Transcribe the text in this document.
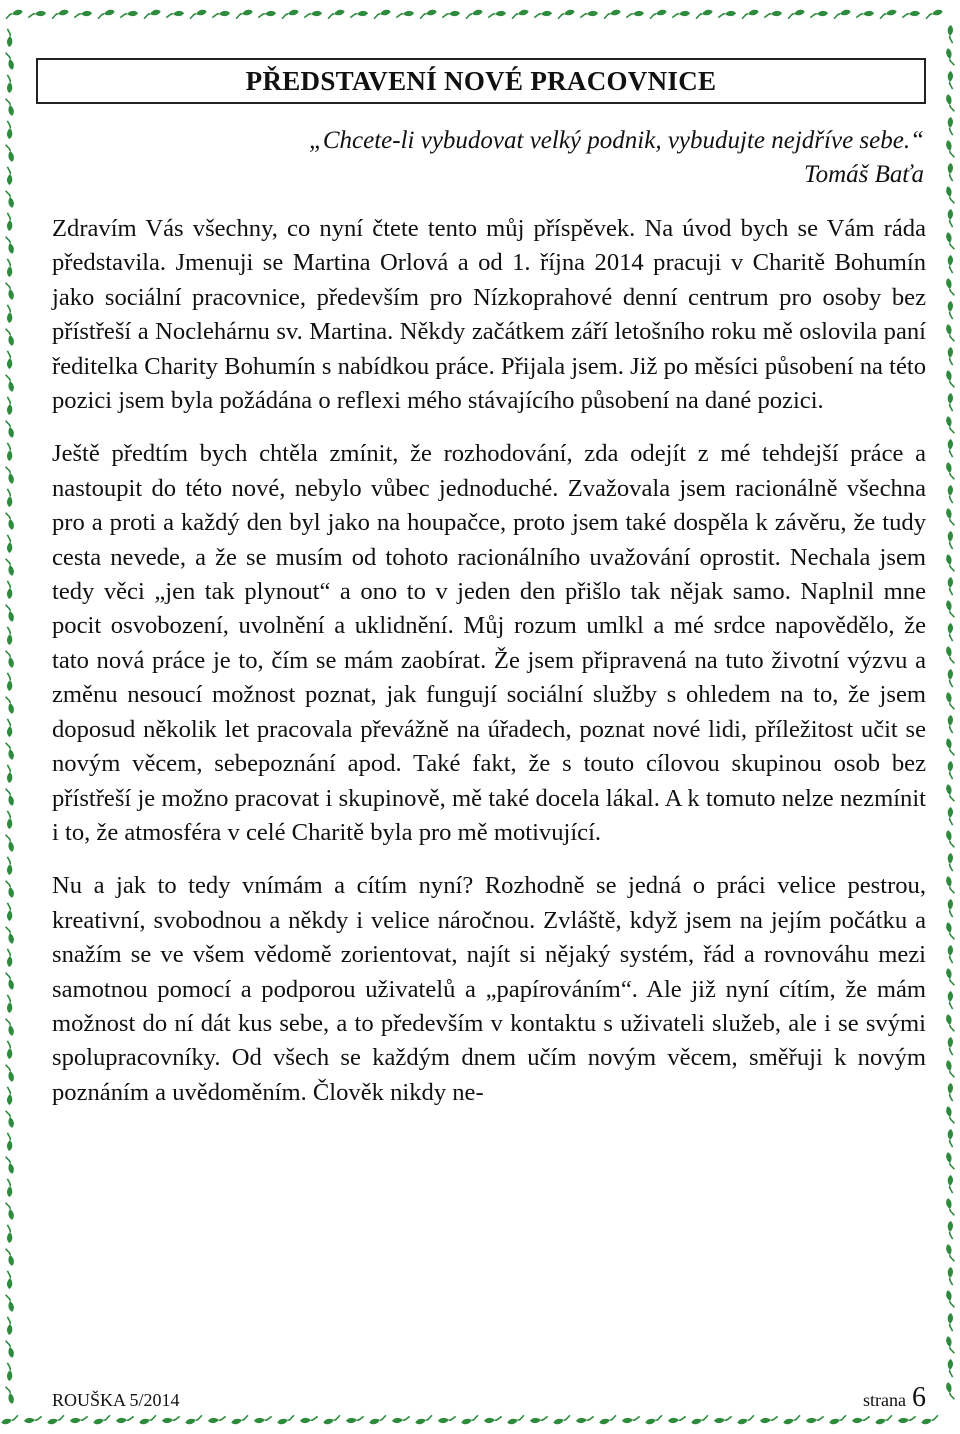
PŘEDSTAVENÍ NOVÉ PRACOVNICE
„Chcete-li vybudovat velký podnik, vybudujte nejdříve sebe.“
Tomáš Baťa

Zdravím Vás všechny, co nyní čtete tento můj příspěvek. Na úvod bych se Vám ráda představila. Jmenuji se Martina Orlová a od 1. října 2014 pracuji v Charitě Bohumín jako sociální pracovnice, především pro Nízkoprahové denní centrum pro osoby bez přístřeší a Noclehárnu sv. Martina. Někdy začátkem září letošního roku mě oslovila paní ředitelka Charity Bohumín s nabídkou práce. Přijala jsem. Již po měsíci působení na této pozici jsem byla požádána o reflexi mého stávajícího působení na dané pozici.

Ještě předtím bych chtěla zmínit, že rozhodování, zda odejít z mé tehdejší práce a nastoupit do této nové, nebylo vůbec jednoduché. Zvažovala jsem racionálně všechna pro a proti a každý den byl jako na houpačce, proto jsem také dospěla k závěru, že tudy cesta nevede, a že se musím od tohoto racionálního uvažování oprostit. Nechala jsem tedy věci „jen tak plynout“ a ono to v jeden den přišlo tak nějak samo. Naplnil mne pocit osvobození, uvolnění a uklidnění. Můj rozum umlkl a mé srdce napovědělo, že tato nová práce je to, čím se mám zaobírat. Že jsem připravená na tuto životní výzvu a změnu nesoucí možnost poznat, jak fungují sociální služby s ohledem na to, že jsem doposud několik let pracovala převážně na úřadech, poznat nové lidi, příležitost učit se novým věcem, sebepoznání apod. Také fakt, že s touto cílovou skupinou osob bez přístřeší je možno pracovat i skupinově, mě také docela lákal. A k tomuto nelze nezmínit i to, že atmosféra v celé Charitě byla pro mě motivující.

Nu a jak to tedy vnímám a cítím nyní? Rozhodně se jedná o práci velice pestrou, kreativní, svobodnou a někdy i velice náročnou. Zvláště, když jsem na jejím počátku a snažím se ve všem vědomě zorientovat, najít si nějaký systém, řád a rovnováhu mezi samotnou pomocí a podporou uživatelů a „papírováním“. Ale již nyní cítím, že mám možnost do ní dát kus sebe, a to především v kontaktu s uživateli služeb, ale i se svými spolupracovníky. Od všech se každým dnem učím novým věcem, směřuji k novým poznáním a uvědoměním. Člověk nikdy ne-

ROUŠKA 5/2014	strana 6
